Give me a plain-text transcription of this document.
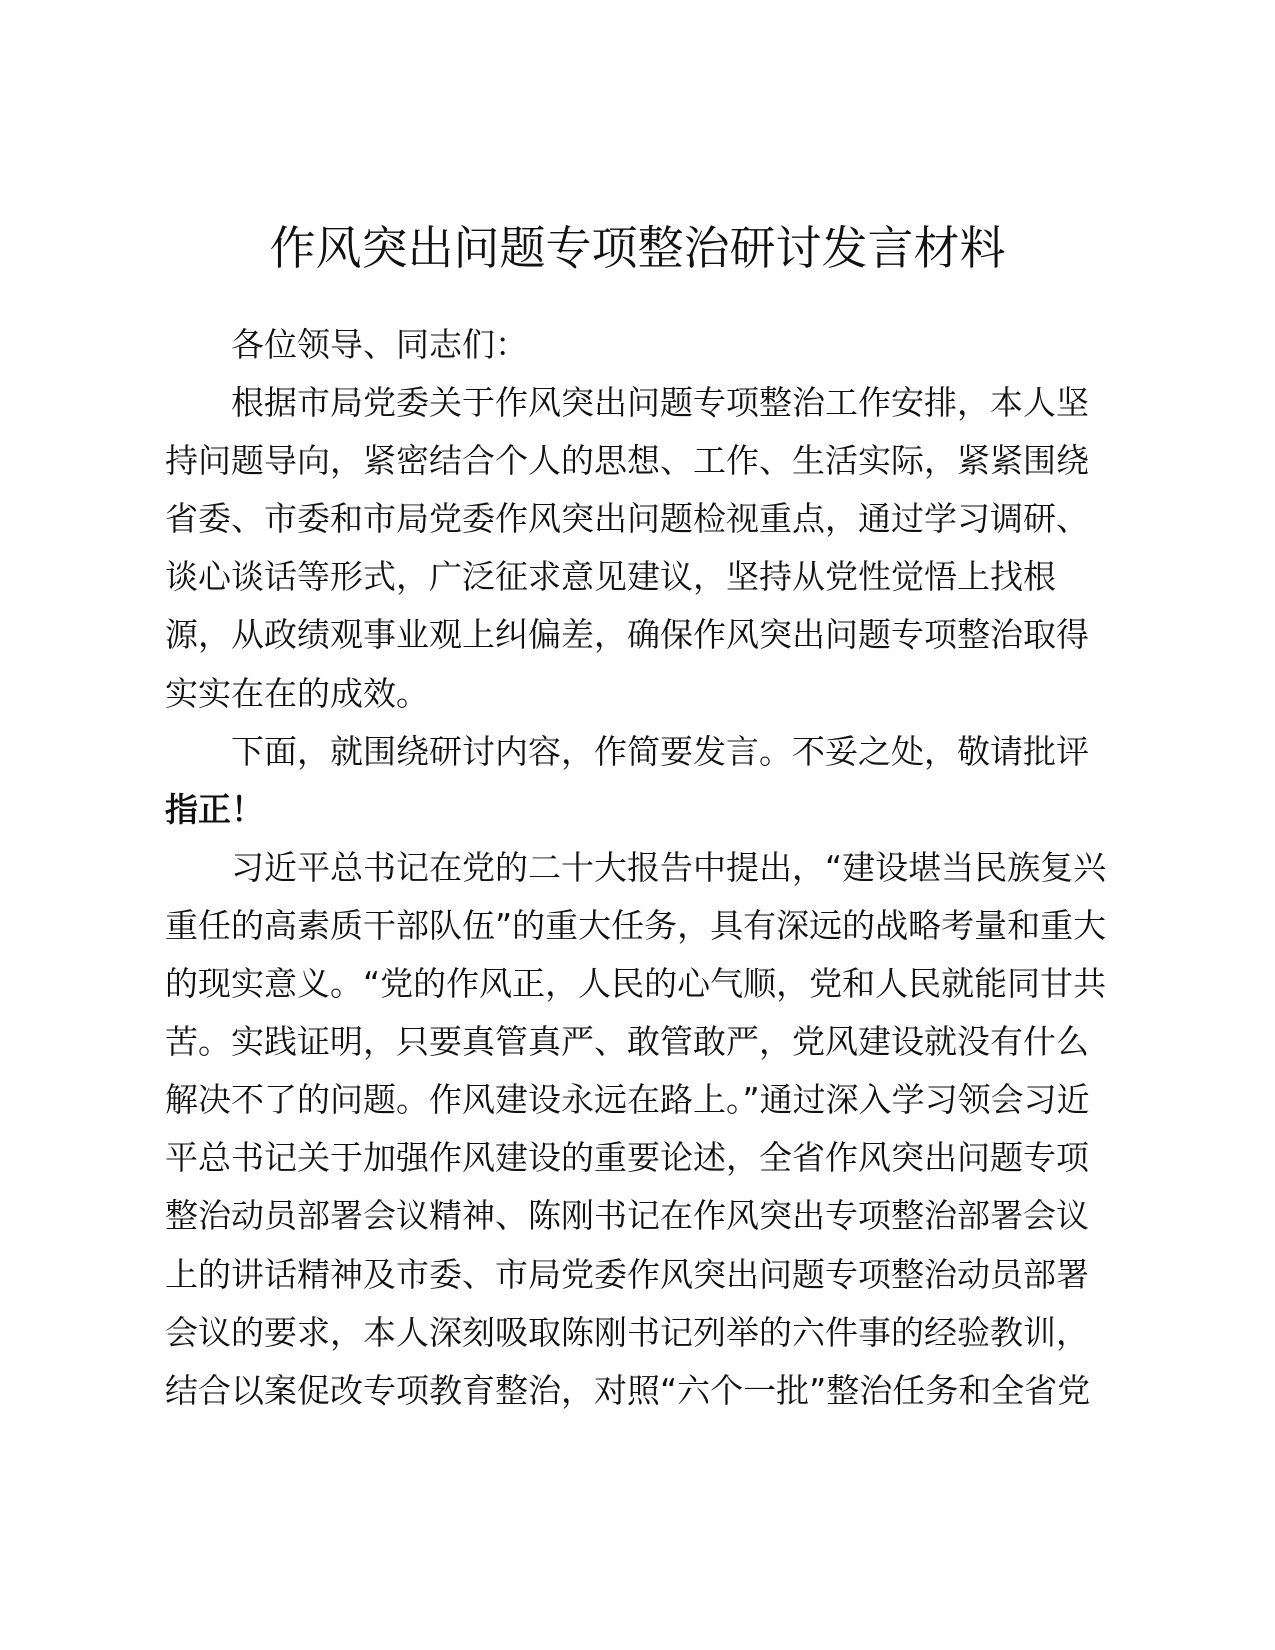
作风突出问题专项整治研讨发言材料
各位领导、同志们：
根据市局党委关于作风突出问题专项整治工作安排，本人坚
持问题导向，紧密结合个人的思想、工作、生活实际，紧紧围绕
省委、市委和市局党委作风突出问题检视重点，通过学习调研、
谈心谈话等形式，广泛征求意见建议，坚持从党性觉悟上找根
源，从政绩观事业观上纠偏差，确保作风突出问题专项整治取得
实实在在的成效。
下面，就围绕研讨内容，作简要发言。不妥之处，敬请批评
指正！
习近平总书记在党的二十大报告中提出，“建设堪当民族复兴
重任的高素质干部队伍”的重大任务，具有深远的战略考量和重大
的现实意义。“党的作风正，人民的心气顺，党和人民就能同甘共
苦。实践证明，只要真管真严、敢管敢严，党风建设就没有什么
解决不了的问题。作风建设永远在路上。”通过深入学习领会习近
平总书记关于加强作风建设的重要论述，全省作风突出问题专项
整治动员部署会议精神、陈刚书记在作风突出专项整治部署会议
上的讲话精神及市委、市局党委作风突出问题专项整治动员部署
会议的要求，本人深刻吸取陈刚书记列举的六件事的经验教训，
结合以案促改专项教育整治，对照“六个一批”整治任务和全省党
